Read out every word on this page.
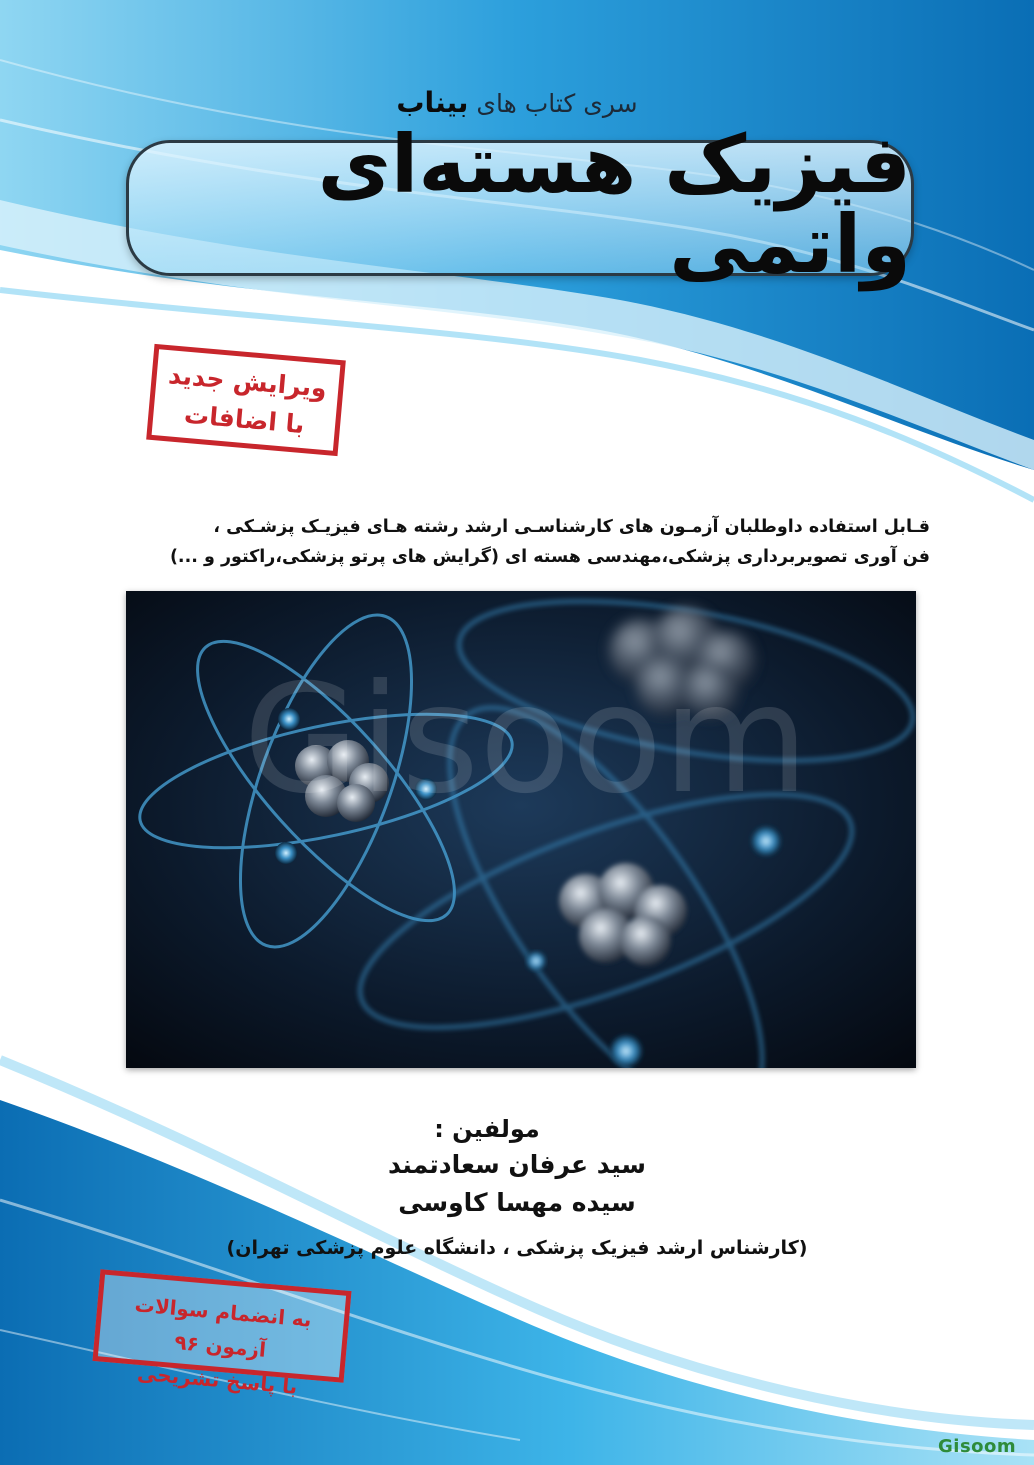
سری کتاب های بیناب
فیزیک هسته‌ای واتمی
ویرایش جدید
با اضافات
قـابل استفاده داوطلبان آزمـون های کارشناسـی ارشد رشته هـای فیزیـک پزشـکی ،
فن آوری تصویربرداری پزشکی،مهندسی هسته ای (گرایش های پرتو پزشکی،راکتور و ...)
Gisoom
مولفین :
سید عرفان سعادتمند
سیده مهسا کاوسی
(کارشناس ارشد فیزیک پزشکی ، دانشگاه علوم پزشکی تهران)
به انضمام سوالات آزمون ۹۶
با پاسخ تشریحی
Gisoom
